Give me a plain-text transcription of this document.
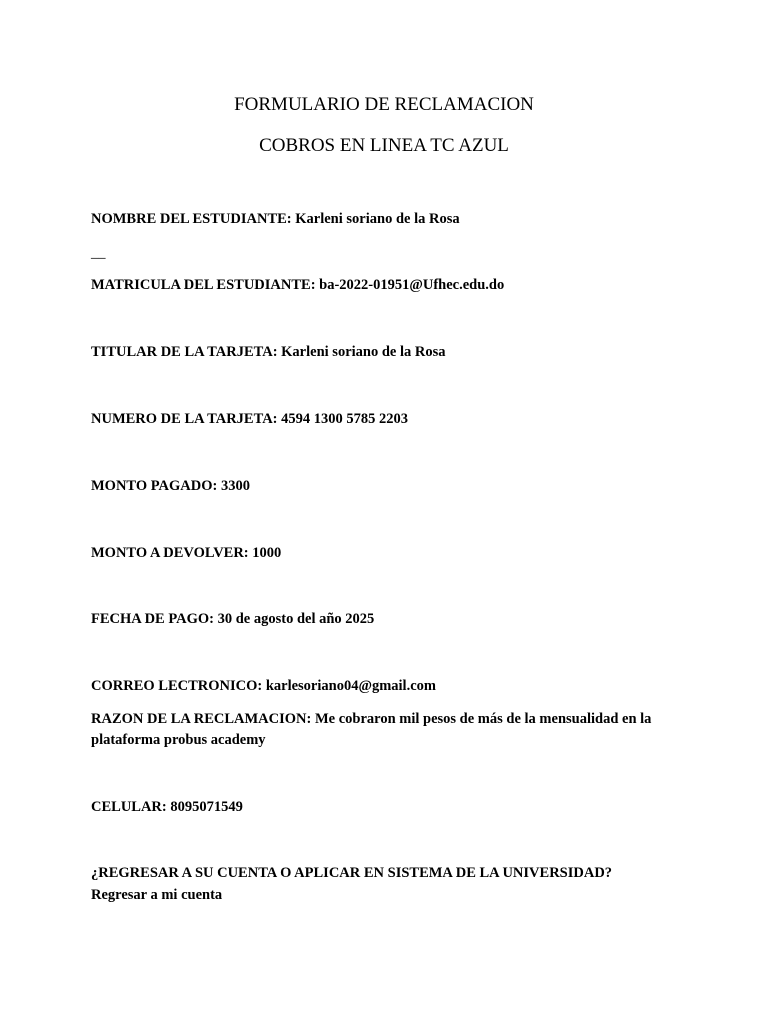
FORMULARIO DE RECLAMACION
COBROS EN LINEA TC AZUL

NOMBRE DEL ESTUDIANTE: Karleni soriano de la Rosa

__

MATRICULA DEL ESTUDIANTE: ba-2022-01951@Ufhec.edu.do

TITULAR DE LA TARJETA: Karleni soriano de la Rosa

NUMERO DE LA TARJETA: 4594 1300 5785 2203

MONTO PAGADO: 3300

MONTO A DEVOLVER: 1000

FECHA DE PAGO: 30 de agosto del año 2025

CORREO LECTRONICO: karlesoriano04@gmail.com

RAZON DE LA RECLAMACION: Me cobraron mil pesos de más de la mensualidad en la plataforma probus academy

CELULAR: 8095071549

¿REGRESAR A SU CUENTA O APLICAR EN SISTEMA DE LA UNIVERSIDAD?

Regresar a mi cuenta
